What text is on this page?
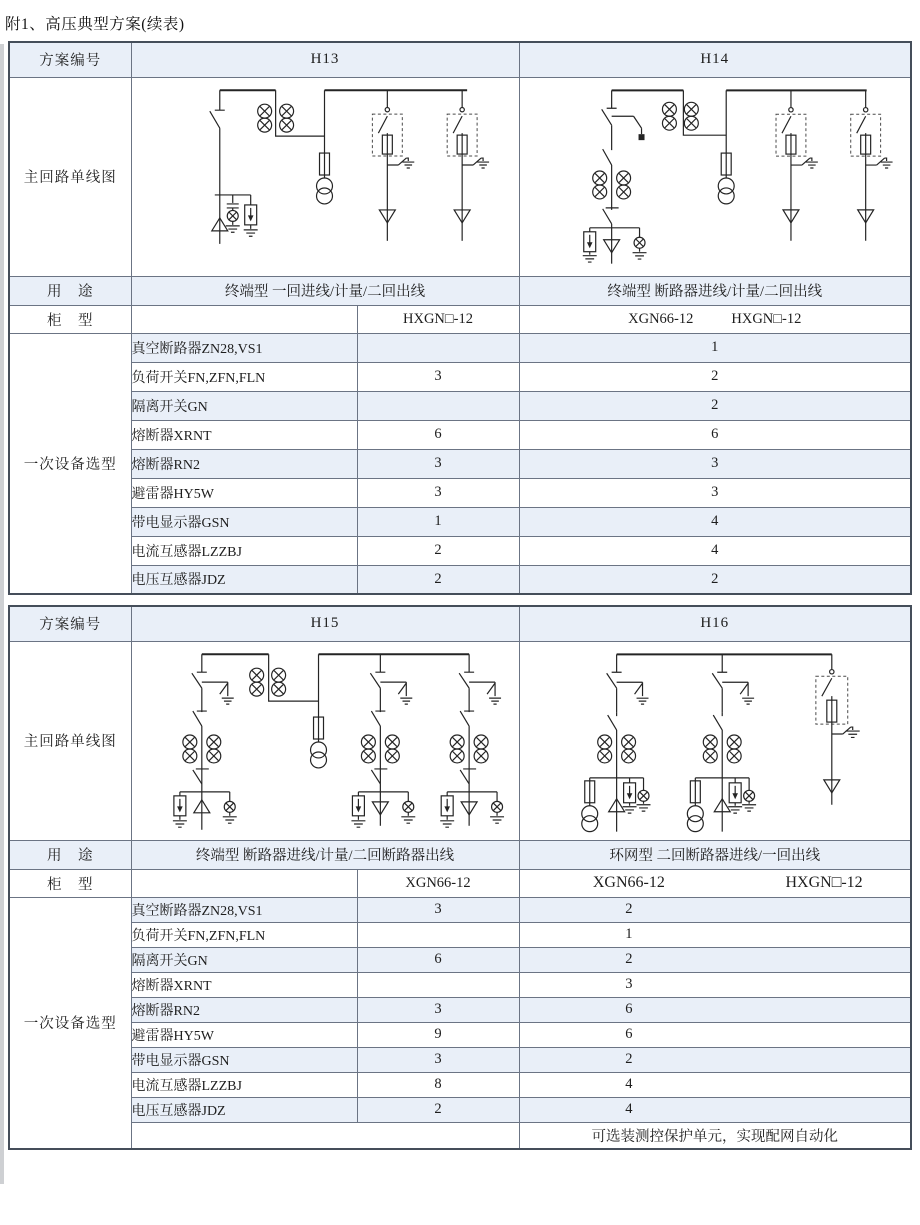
附1、高压典型方案(续表)
方案编号	H13		H14
主回路单线图	

用　途	终端型 一回进线/计量/二回出线		终端型 断路器进线/计量/二回出线
柜　型		HXGN□-12	XGN66-12 HXGN□-12

一次设备选型	真空断路器ZN28,VS1		1
	负荷开关FN,ZFN,FLN	3	2
	隔离开关GN		2
	熔断器XRNT	6	6
	熔断器RN2	3	3
	避雷器HY5W	3	3
	带电显示器GSN	1	4
	电流互感器LZZBJ	2	4
	电压互感器JDZ	2	2
方案编号	H15		H16
主回路单线图	

用　途	终端型 断路器进线/计量/二回断路器出线		环网型 二回断路器进线/一回出线
柜　型		XGN66-12	XGN66-12 HXGN□-12

一次设备选型	真空断路器ZN28,VS1	3	2

	负荷开关FN,ZFN,FLN		1

	隔离开关GN	6	2

	熔断器XRNT		3

	熔断器RN2	3	6

	避雷器HY5W	9	6

	带电显示器GSN	3	2

	电流互感器LZZBJ	8	4

	电压互感器JDZ	2	4

			可选装测控保护单元，实现配网自动化
